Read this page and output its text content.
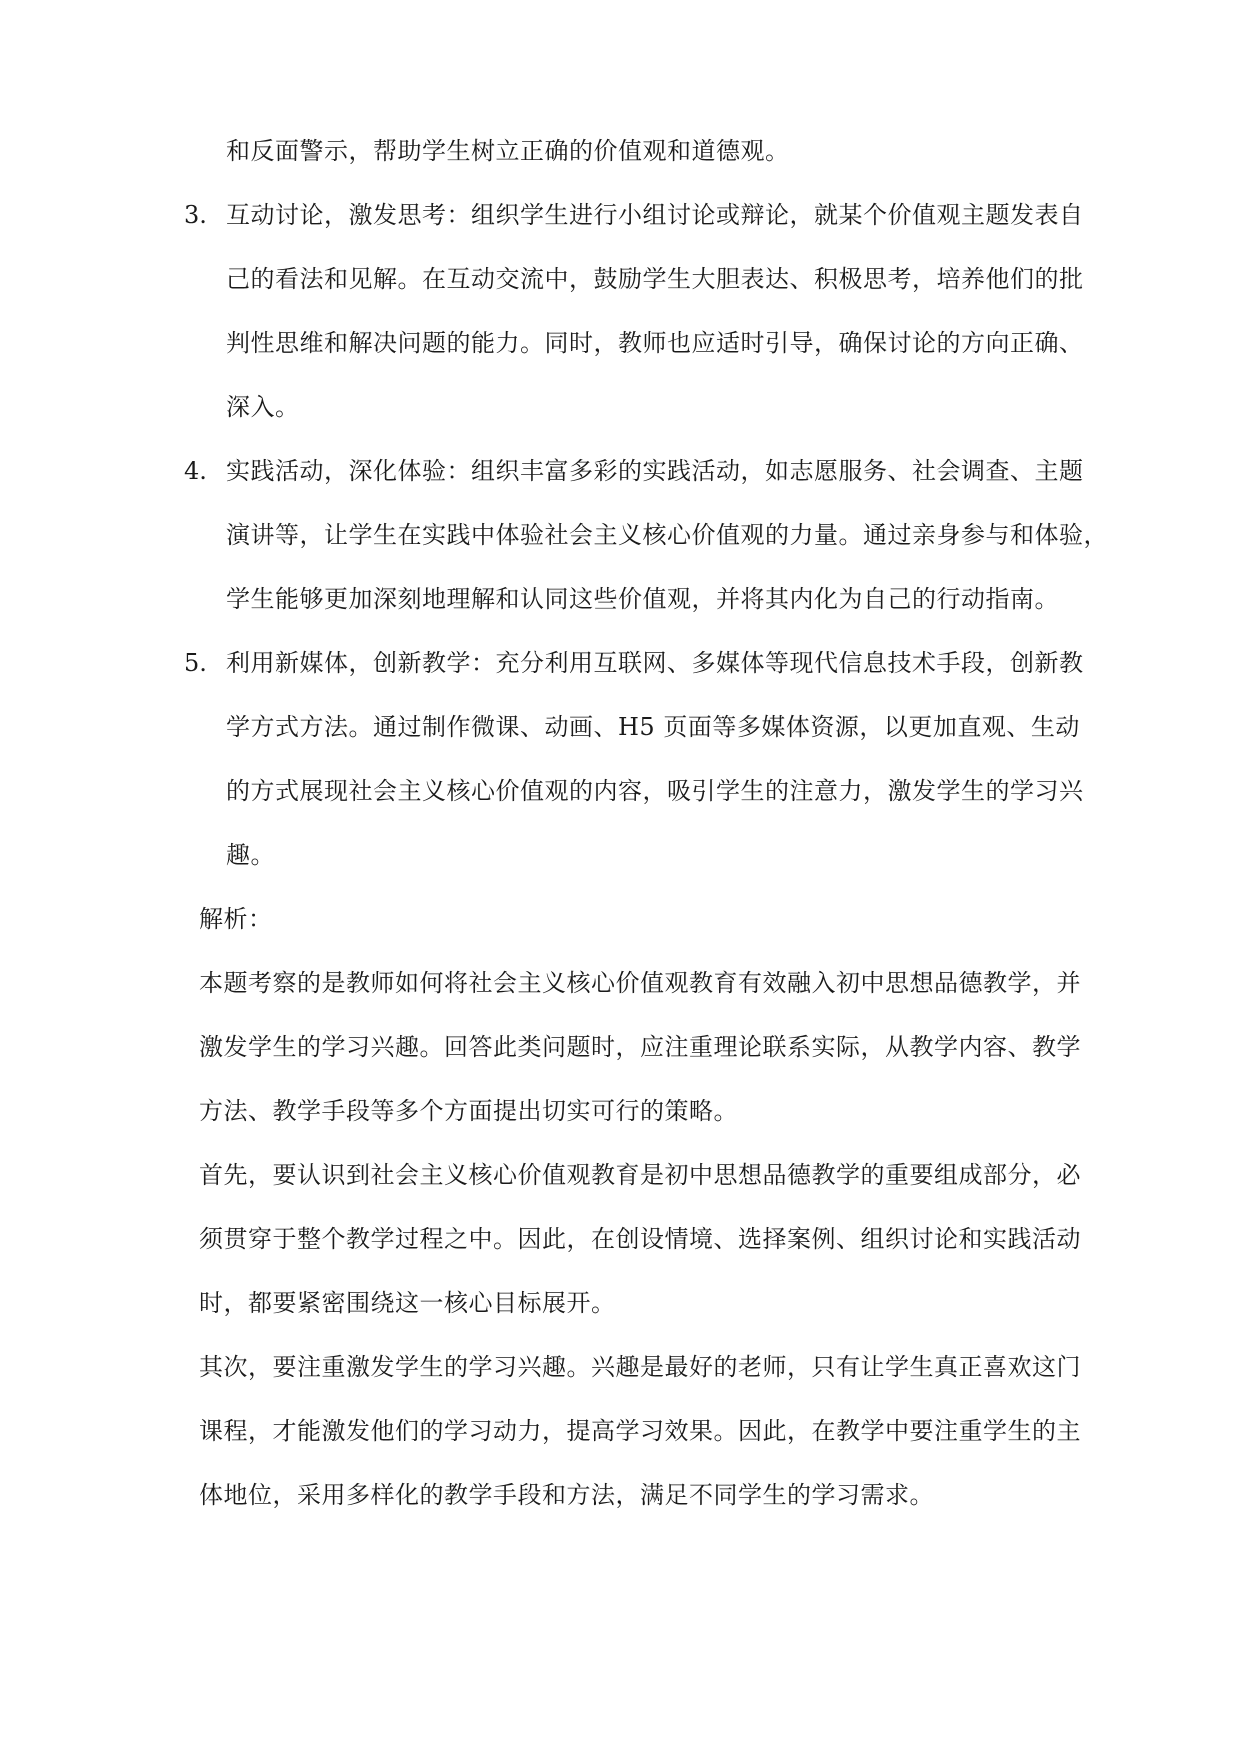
和反面警示，帮助学生树立正确的价值观和道德观。
3. 互动讨论，激发思考：组织学生进行小组讨论或辩论，就某个价值观主题发表自
己的看法和见解。在互动交流中，鼓励学生大胆表达、积极思考，培养他们的批
判性思维和解决问题的能力。同时，教师也应适时引导，确保讨论的方向正确、
深入。
4. 实践活动，深化体验：组织丰富多彩的实践活动，如志愿服务、社会调查、主题
演讲等，让学生在实践中体验社会主义核心价值观的力量。通过亲身参与和体验，
学生能够更加深刻地理解和认同这些价值观，并将其内化为自己的行动指南。
5. 利用新媒体，创新教学：充分利用互联网、多媒体等现代信息技术手段，创新教
学方式方法。通过制作微课、动画、H5 页面等多媒体资源，以更加直观、生动
的方式展现社会主义核心价值观的内容，吸引学生的注意力，激发学生的学习兴
趣。
解析：
本题考察的是教师如何将社会主义核心价值观教育有效融入初中思想品德教学，并
激发学生的学习兴趣。回答此类问题时，应注重理论联系实际，从教学内容、教学
方法、教学手段等多个方面提出切实可行的策略。
首先，要认识到社会主义核心价值观教育是初中思想品德教学的重要组成部分，必
须贯穿于整个教学过程之中。因此，在创设情境、选择案例、组织讨论和实践活动
时，都要紧密围绕这一核心目标展开。
其次，要注重激发学生的学习兴趣。兴趣是最好的老师，只有让学生真正喜欢这门
课程，才能激发他们的学习动力，提高学习效果。因此，在教学中要注重学生的主
体地位，采用多样化的教学手段和方法，满足不同学生的学习需求。
